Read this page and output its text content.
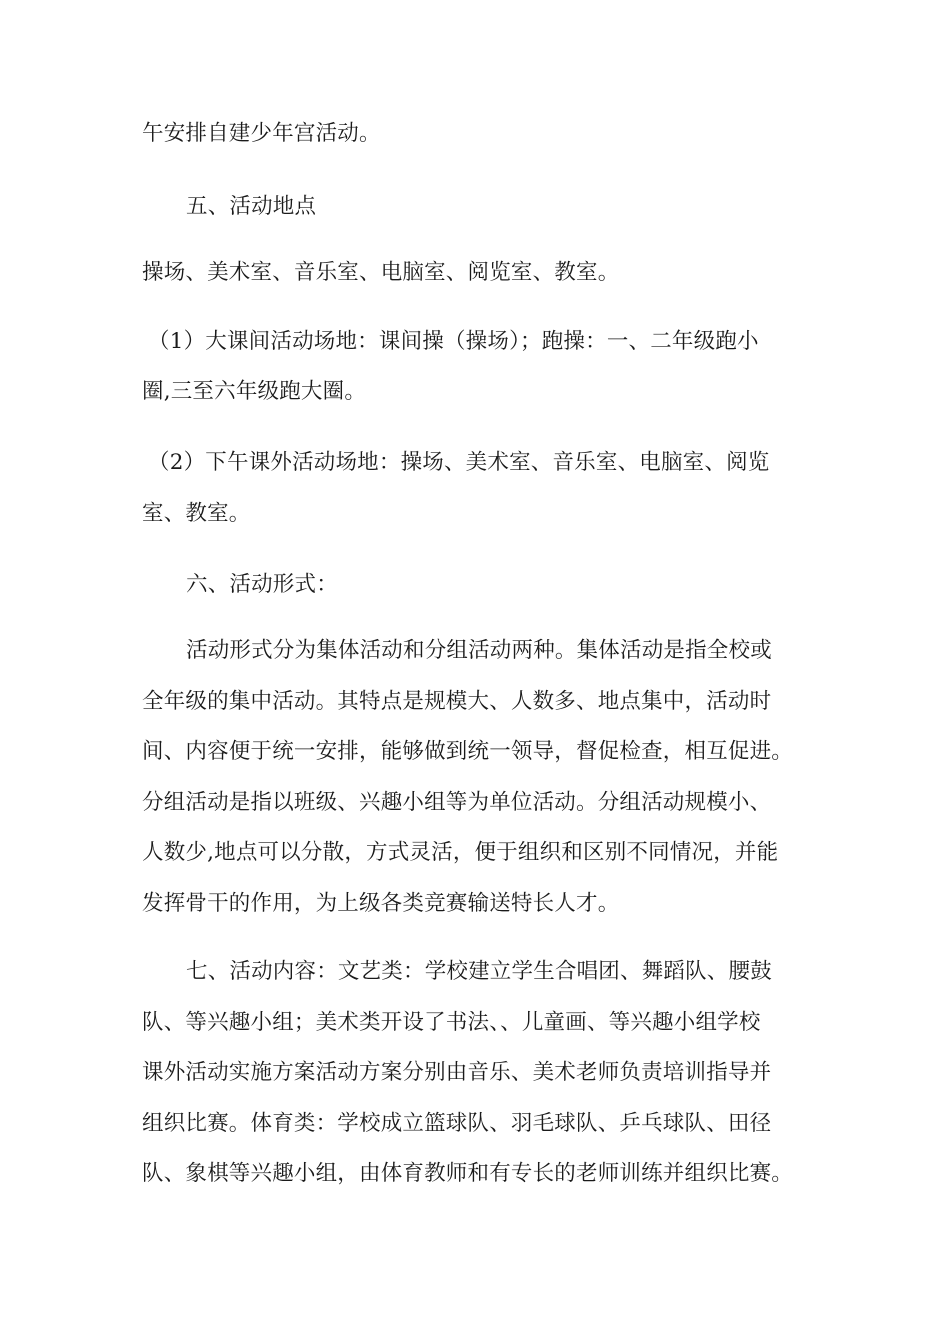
午安排自建少年宫活动。
五、活动地点
操场、美术室、音乐室、电脑室、阅览室、教室。
（1）大课间活动场地：课间操（操场）；跑操：一、二年级跑小
圈,三至六年级跑大圈。
（2）下午课外活动场地：操场、美术室、音乐室、电脑室、阅览
室、教室。
六、活动形式：
活动形式分为集体活动和分组活动两种。集体活动是指全校或
全年级的集中活动。其特点是规模大、人数多、地点集中，活动时
间、内容便于统一安排，能够做到统一领导，督促检查，相互促进。
分组活动是指以班级、兴趣小组等为单位活动。分组活动规模小、
人数少,地点可以分散，方式灵活，便于组织和区别不同情况，并能
发挥骨干的作用，为上级各类竞赛输送特长人才。
七、活动内容：文艺类：学校建立学生合唱团、舞蹈队、腰鼓
队、等兴趣小组；美术类开设了书法、、儿童画、等兴趣小组学校
课外活动实施方案活动方案分别由音乐、美术老师负责培训指导并
组织比赛。体育类：学校成立篮球队、羽毛球队、乒乓球队、田径
队、象棋等兴趣小组，由体育教师和有专长的老师训练并组织比赛。
